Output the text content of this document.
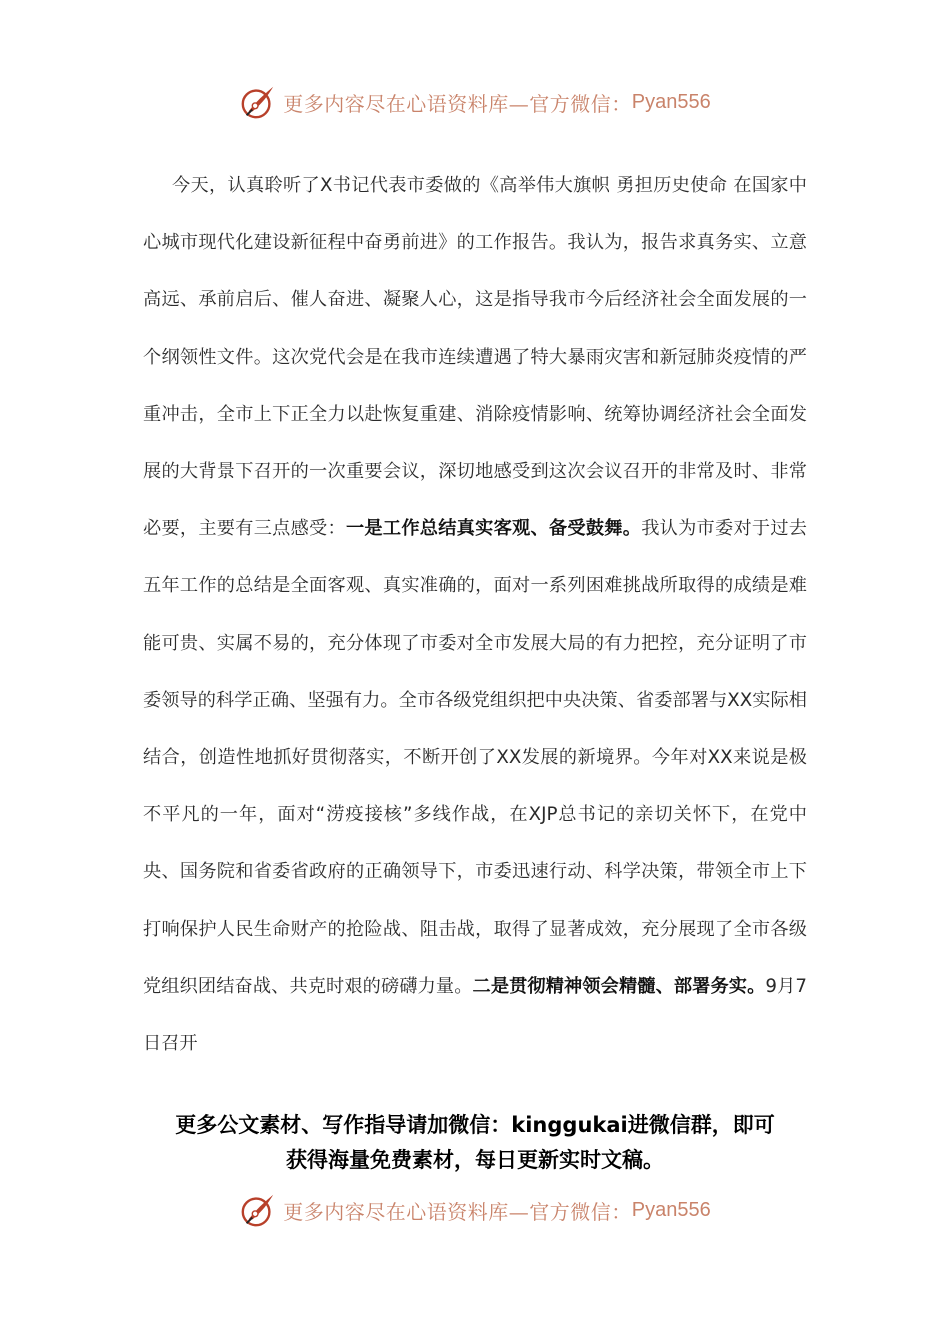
更多内容尽在心语资料库—官方微信： Pyan556

今天，认真聆听了X书记代表市委做的《高举伟大旗帜 勇担历史使命 在国家中心城市现代化建设新征程中奋勇前进》的工作报告。我认为，报告求真务实、立意高远、承前启后、催人奋进、凝聚人心，这是指导我市今后经济社会全面发展的一个纲领性文件。这次党代会是在我市连续遭遇了特大暴雨灾害和新冠肺炎疫情的严重冲击，全市上下正全力以赴恢复重建、消除疫情影响、统筹协调经济社会全面发展的大背景下召开的一次重要会议，深切地感受到这次会议召开的非常及时、非常必要，主要有三点感受：一是工作总结真实客观、备受鼓舞。我认为市委对于过去五年工作的总结是全面客观、真实准确的，面对一系列困难挑战所取得的成绩是难能可贵、实属不易的，充分体现了市委对全市发展大局的有力把控，充分证明了市委领导的科学正确、坚强有力。全市各级党组织把中央决策、省委部署与XX实际相结合，创造性地抓好贯彻落实，不断开创了XX发展的新境界。今年对XX来说是极不平凡的一年，面对“涝疫接核”多线作战，在XJP总书记的亲切关怀下，在党中央、国务院和省委省政府的正确领导下，市委迅速行动、科学决策，带领全市上下打响保护人民生命财产的抢险战、阻击战，取得了显著成效，充分展现了全市各级党组织团结奋战、共克时艰的磅礴力量。二是贯彻精神领会精髓、部署务实。9月7日召开

更多公文素材、写作指导请加微信：kinggukai进微信群，即可
获得海量免费素材，每日更新实时文稿。
更多内容尽在心语资料库—官方微信： Pyan556
